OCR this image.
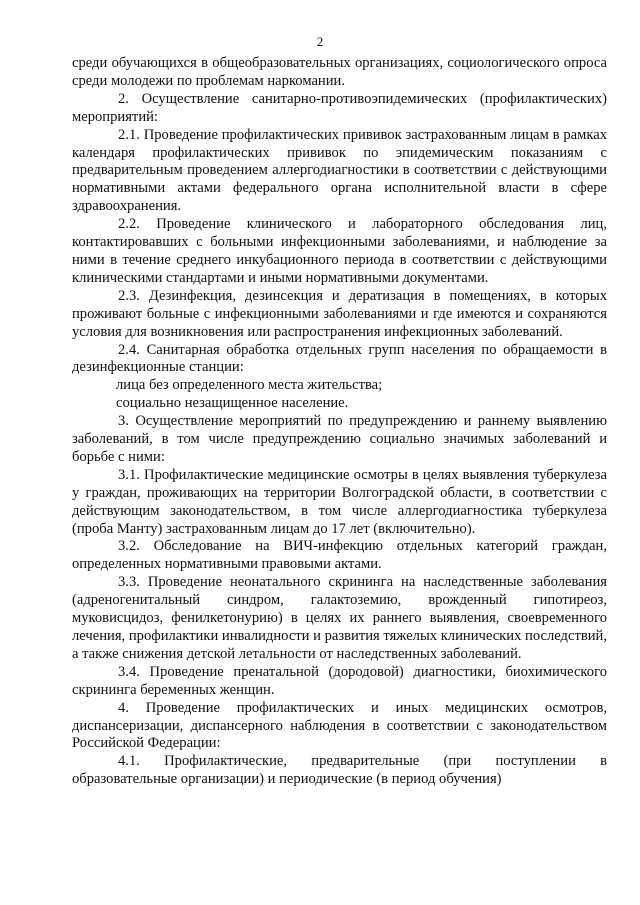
2

среди обучающихся в общеобразовательных организациях, социологического опроса среди молодежи по проблемам наркомании.

2. Осуществление санитарно-противоэпидемических (профилактических) мероприятий:

2.1. Проведение профилактических прививок застрахованным лицам в рамках календаря профилактических прививок по эпидемическим показаниям с предварительным проведением аллергодиагностики в соответствии с действующими нормативными актами федерального органа исполнительной власти в сфере здравоохранения.

2.2. Проведение клинического и лабораторного обследования лиц, контактировавших с больными инфекционными заболеваниями, и наблюдение за ними в течение среднего инкубационного периода в соответствии с действующими клиническими стандартами и иными нормативными документами.

2.3. Дезинфекция, дезинсекция и дератизация в помещениях, в которых проживают больные с инфекционными заболеваниями и где имеются и сохраняются условия для возникновения или распространения инфекционных заболеваний.

2.4. Санитарная обработка отдельных групп населения по обращаемости в дезинфекционные станции:

лица без определенного места жительства;

социально незащищенное население.

3. Осуществление мероприятий по предупреждению и раннему выявлению заболеваний, в том числе предупреждению социально значимых заболеваний и борьбе с ними:

3.1. Профилактические медицинские осмотры в целях выявления туберкулеза у граждан, проживающих на территории Волгоградской области, в соответствии с действующим законодательством, в том числе аллергодиагностика туберкулеза (проба Манту) застрахованным лицам до 17 лет (включительно).

3.2. Обследование на ВИЧ-инфекцию отдельных категорий граждан, определенных нормативными правовыми актами.

3.3. Проведение неонатального скрининга на наследственные заболевания (адреногенитальный синдром, галактоземию, врожденный гипотиреоз, муковисцидоз, фенилкетонурию) в целях их раннего выявления, своевременного лечения, профилактики инвалидности и развития тяжелых клинических последствий, а также снижения детской летальности от наследственных заболеваний.

3.4. Проведение пренатальной (дородовой) диагностики, биохимического скрининга беременных женщин.

4. Проведение профилактических и иных медицинских осмотров, диспансеризации, диспансерного наблюдения в соответствии с законодательством Российской Федерации:

4.1. Профилактические, предварительные (при поступлении в образовательные организации) и периодические (в период обучения)
